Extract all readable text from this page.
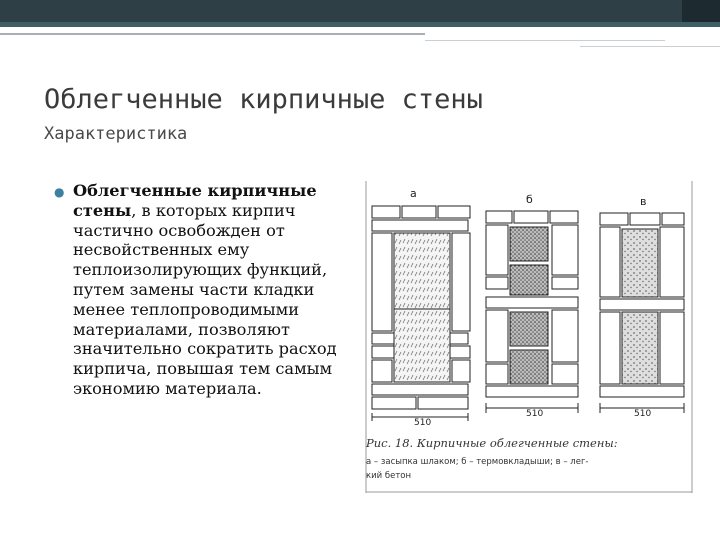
Облегченные кирпичные стены
Характеристика
● Облегченные кирпичные стены, в которых кирпич частично освобожден от несвойственных ему теплоизолирующих функций, путем замены части кладки менее теплопроводимыми материалами, позволяют значительно сократить расход кирпича, повышая тем самым экономию материала.
а	б	в
510
510	510
Рис. 18. Кирпичные облегченные стены:
а – засыпка шлаком; б – термовкладыши; в – лег-
кий бетон
